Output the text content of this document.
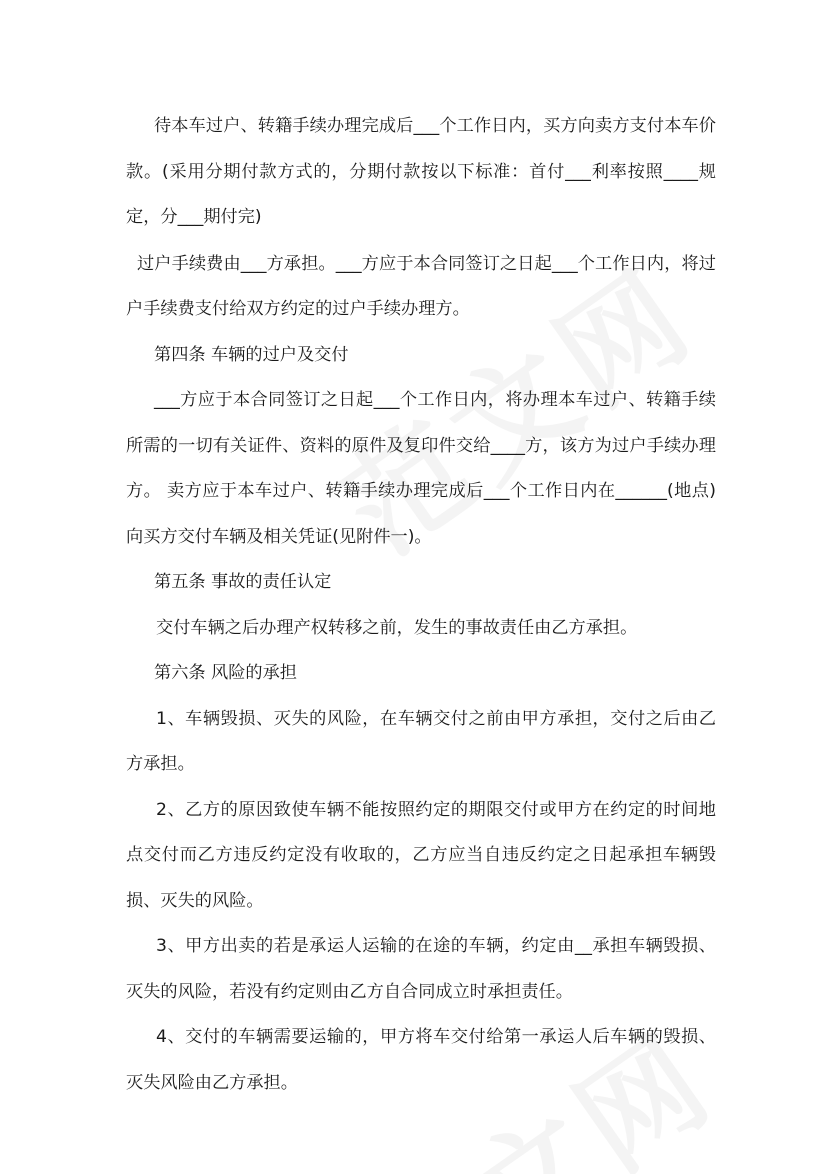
待本车过户、转籍手续办理完成后___个工作日内，买方向卖方支付本车价款。(采用分期付款方式的，分期付款按以下标准：首付___利率按照____规定，分___期付完)

过户手续费由___方承担。___方应于本合同签订之日起___个工作日内，将过户手续费支付给双方约定的过户手续办理方。

第四条 车辆的过户及交付

___方应于本合同签订之日起___个工作日内，将办理本车过户、转籍手续所需的一切有关证件、资料的原件及复印件交给____方，该方为过户手续办理方。 卖方应于本车过户、转籍手续办理完成后___个工作日内在______(地点)向买方交付车辆及相关凭证(见附件一)。

第五条 事故的责任认定

交付车辆之后办理产权转移之前，发生的事故责任由乙方承担。

第六条 风险的承担

1、车辆毁损、灭失的风险，在车辆交付之前由甲方承担，交付之后由乙方承担。

2、乙方的原因致使车辆不能按照约定的期限交付或甲方在约定的时间地点交付而乙方违反约定没有收取的，乙方应当自违反约定之日起承担车辆毁损、灭失的风险。

3、甲方出卖的若是承运人运输的在途的车辆，约定由__承担车辆毁损、灭失的风险，若没有约定则由乙方自合同成立时承担责任。

4、交付的车辆需要运输的，甲方将车交付给第一承运人后车辆的毁损、灭失风险由乙方承担。
